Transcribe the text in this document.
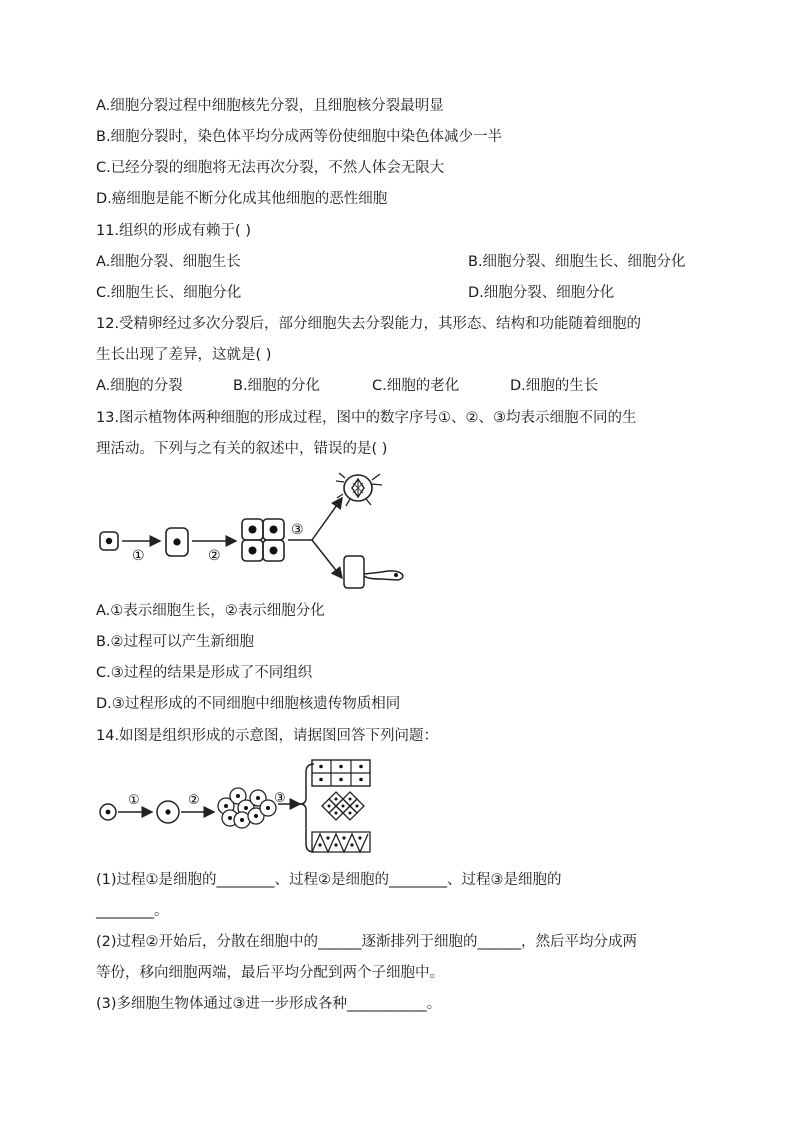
A.细胞分裂过程中细胞核先分裂，且细胞核分裂最明显
B.细胞分裂时，染色体平均分成两等份使细胞中染色体减少一半
C.已经分裂的细胞将无法再次分裂，不然人体会无限大
D.癌细胞是能不断分化成其他细胞的恶性细胞
11.组织的形成有赖于( )
A.细胞分裂、细胞生长	B.细胞分裂、细胞生长、细胞分化
C.细胞生长、细胞分化	D.细胞分裂、细胞分化
12.受精卵经过多次分裂后，部分细胞失去分裂能力，其形态、结构和功能随着细胞的
生长出现了差异，这就是( )
A.细胞的分裂	B.细胞的分化	C.细胞的老化	D.细胞的生长
13.图示植物体两种细胞的形成过程，图中的数字序号①、②、③均表示细胞不同的生
理活动。下列与之有关的叙述中，错误的是( )
①	②
③
A.①表示细胞生长，②表示细胞分化
B.②过程可以产生新细胞
C.③过程的结果是形成了不同组织
D.③过程形成的不同细胞中细胞核遗传物质相同
14.如图是组织形成的示意图，请据图回答下列问题：
①	②	③
(1)过程①是细胞的________、过程②是细胞的________、过程③是细胞的
________。
(2)过程②开始后，分散在细胞中的______逐渐排列于细胞的______，然后平均分成两
等份，移向细胞两端，最后平均分配到两个子细胞中。
(3)多细胞生物体通过③进一步形成各种___________。
